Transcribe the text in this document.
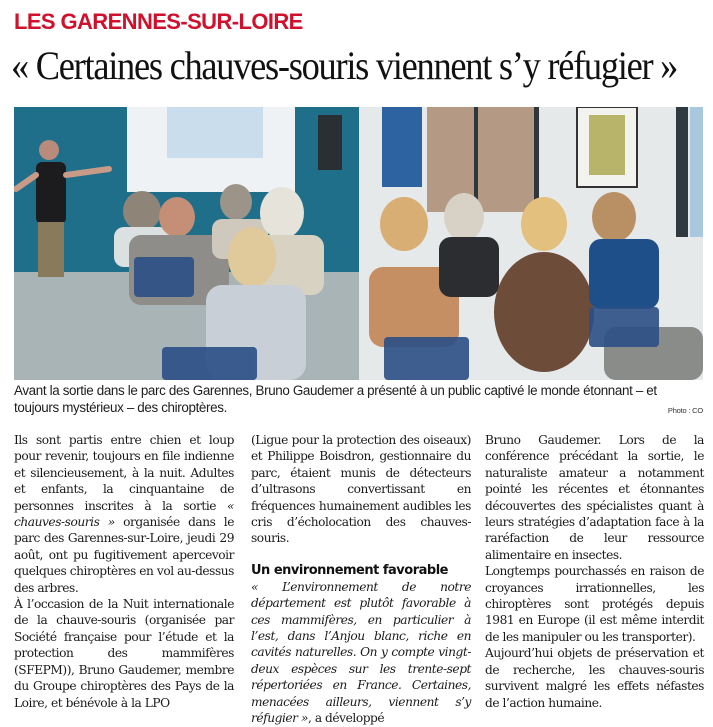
LES GARENNES-SUR-LOIRE
« Certaines chauves-souris viennent s’y réfugier »
Avant la sortie dans le parc des Garennes, Bruno Gaudemer a présenté à un public captivé le monde étonnant – et toujours mystérieux – des chiroptères.	Photo : CO

Ils sont partis entre chien et loup pour revenir, toujours en file indienne et silencieusement, à la nuit. Adultes et enfants, la cinquantaine de personnes inscrites à la sortie « chauves-souris » organisée dans le parc des Garennes-sur-Loire, jeudi 29 août, ont pu fugitivement apercevoir quelques chiroptères en vol au-dessus des arbres.

À l’occasion de la Nuit internationale de la chauve-souris (organisée par Société française pour l’étude et la protection des mammifères (SFEPM)), Bruno Gaudemer, membre du Groupe chiroptères des Pays de la Loire, et bénévole à la LPO

(Ligue pour la protection des oiseaux) et Philippe Boisdron, gestionnaire du parc, étaient munis de détecteurs d’ultrasons convertissant en fréquences humainement audibles les cris d’écholocation des chauves-souris.

Un environnement favorable

« L’environnement de notre département est plutôt favorable à ces mammifères, en particulier à l’est, dans l’Anjou blanc, riche en cavités naturelles. On y compte vingt-deux espèces sur les trente-sept répertoriées en France. Certaines, menacées ailleurs, viennent s’y réfugier », a développé

Bruno Gaudemer. Lors de la conférence précédant la sortie, le naturaliste amateur a notamment pointé les récentes et étonnantes découvertes des spécialistes quant à leurs stratégies d’adaptation face à la raréfaction de leur ressource alimentaire en insectes.

Longtemps pourchassés en raison de croyances irrationnelles, les chiroptères sont protégés depuis 1981 en Europe (il est même interdit de les manipuler ou les transporter).

Aujourd’hui objets de préservation et de recherche, les chauves-souris survivent malgré les effets néfastes de l’action humaine.
